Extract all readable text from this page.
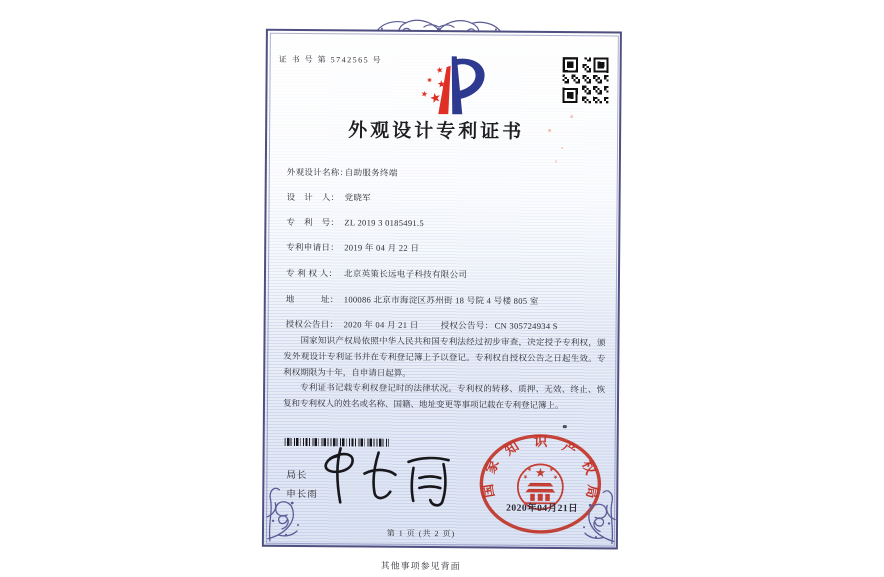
证 书 号 第 5742565 号
外观设计专利证书
外观设计名称：自助服务终端
设　计　人： 党晓军
专　利　号： ZL 2019 3 0185491.5
专利申请日： 2019 年 04 月 22 日
专 利 权 人： 北京英策长远电子科技有限公司
地　　　址： 100086 北京市海淀区苏州街 18 号院 4 号楼 805 室
授权公告日： 2020 年 04 月 21 日	授权公告号：CN 305724934 S

国家知识产权局依照中华人民共和国专利法经过初步审查，决定授予专利权，颁发外观设计专利证书并在专利登记簿上予以登记。专利权自授权公告之日起生效。专利权期限为十年，自申请日起算。

专利证书记载专利权登记时的法律状况。专利权的转移、质押、无效、终止、恢复和专利权人的姓名或名称、国籍、地址变更等事项记载在专利登记簿上。

局长
申长雨	国
家
知 识 产
权
局
2020年04月21日
第 1 页 (共 2 页)
其他事项参见背面
